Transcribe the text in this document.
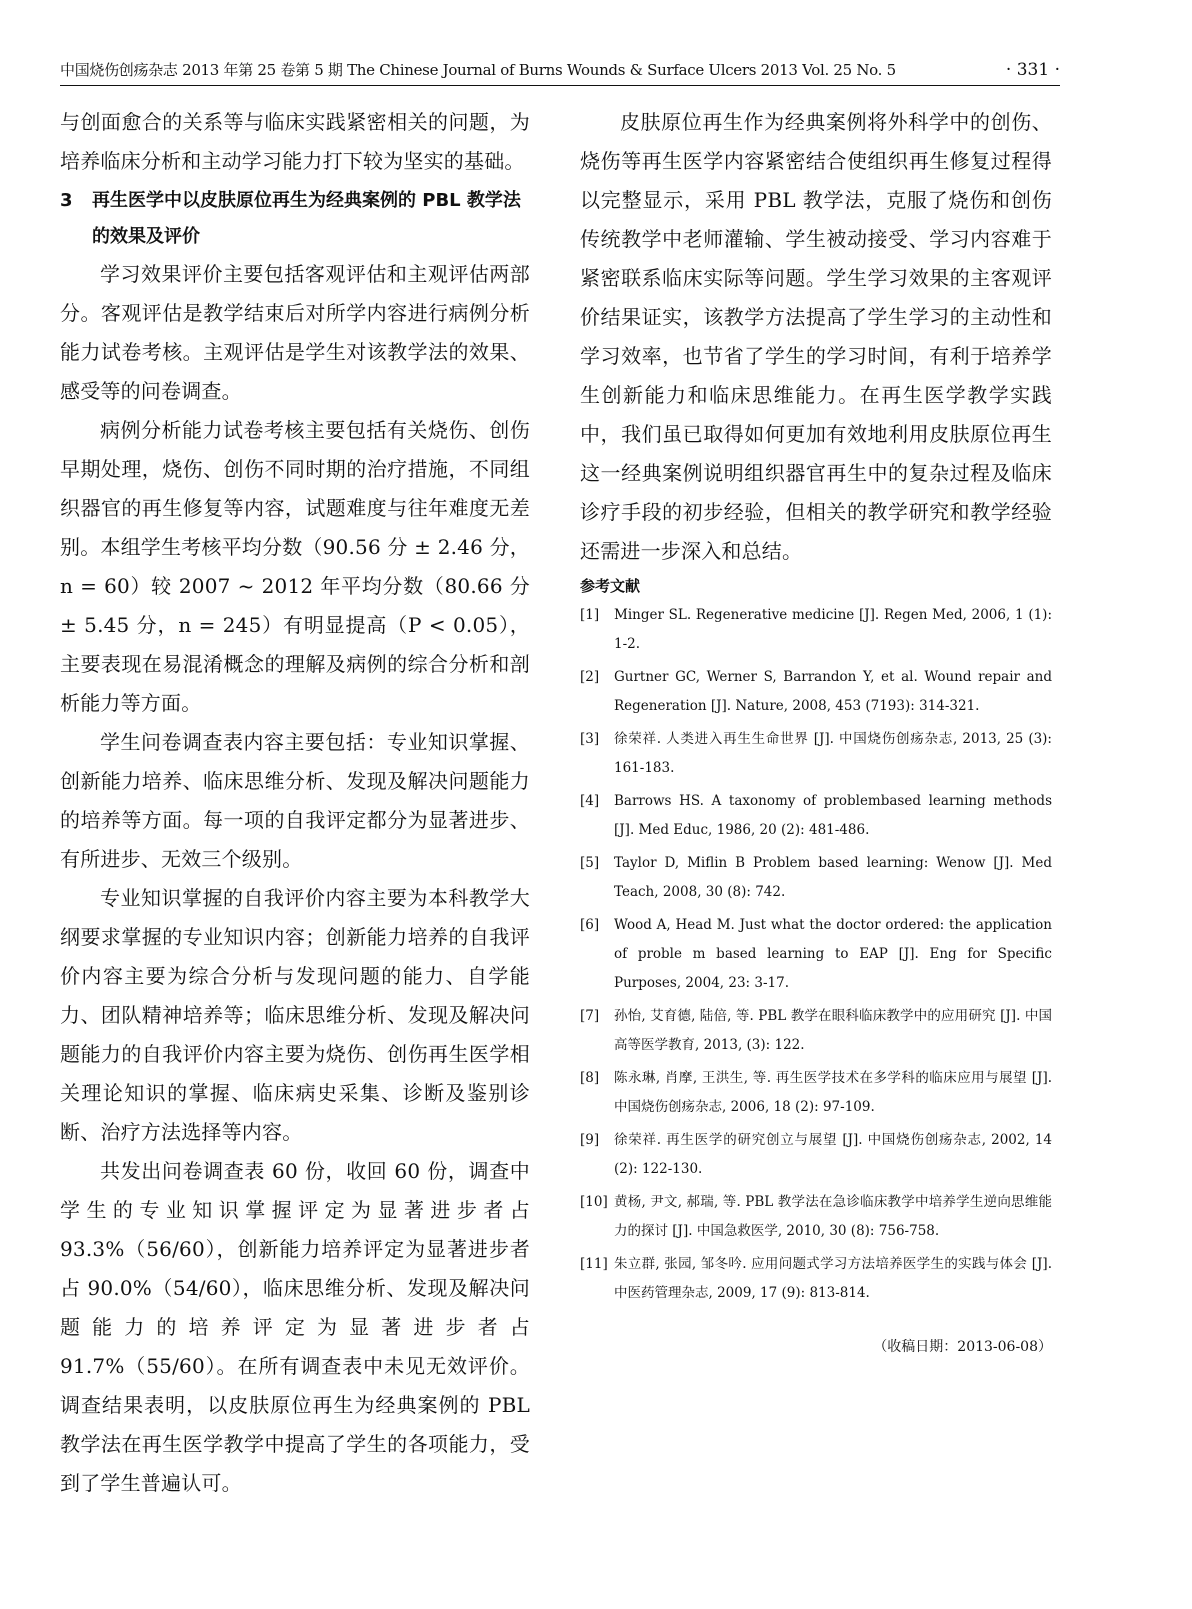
中国烧伤创疡杂志 2013 年第 25 卷第 5 期 The Chinese Journal of Burns Wounds & Surface Ulcers 2013 Vol. 25 No. 5	· 331 ·

与创面愈合的关系等与临床实践紧密相关的问题，为培养临床分析和主动学习能力打下较为坚实的基础。

3	再生医学中以皮肤原位再生为经典案例的 PBL 教学法的效果及评价

学习效果评价主要包括客观评估和主观评估两部分。客观评估是教学结束后对所学内容进行病例分析能力试卷考核。主观评估是学生对该教学法的效果、感受等的问卷调查。

病例分析能力试卷考核主要包括有关烧伤、创伤早期处理，烧伤、创伤不同时期的治疗措施，不同组织器官的再生修复等内容，试题难度与往年难度无差别。本组学生考核平均分数（90.56 分 ± 2.46 分，n = 60）较 2007 ~ 2012 年平均分数（80.66 分 ± 5.45 分，n = 245）有明显提高（P < 0.05），主要表现在易混淆概念的理解及病例的综合分析和剖析能力等方面。

学生问卷调查表内容主要包括：专业知识掌握、创新能力培养、临床思维分析、发现及解决问题能力的培养等方面。每一项的自我评定都分为显著进步、有所进步、无效三个级别。

专业知识掌握的自我评价内容主要为本科教学大纲要求掌握的专业知识内容；创新能力培养的自我评价内容主要为综合分析与发现问题的能力、自学能力、团队精神培养等；临床思维分析、发现及解决问题能力的自我评价内容主要为烧伤、创伤再生医学相关理论知识的掌握、临床病史采集、诊断及鉴别诊断、治疗方法选择等内容。

共发出问卷调查表 60 份，收回 60 份，调查中学生的专业知识掌握评定为显著进步者占 93.3%（56/60），创新能力培养评定为显著进步者占 90.0%（54/60），临床思维分析、发现及解决问题能力的培养评定为显著进步者占 91.7%（55/60）。在所有调查表中未见无效评价。调查结果表明，以皮肤原位再生为经典案例的 PBL 教学法在再生医学教学中提高了学生的各项能力，受到了学生普遍认可。

皮肤原位再生作为经典案例将外科学中的创伤、烧伤等再生医学内容紧密结合使组织再生修复过程得以完整显示，采用 PBL 教学法，克服了烧伤和创伤传统教学中老师灌输、学生被动接受、学习内容难于紧密联系临床实际等问题。学生学习效果的主客观评价结果证实，该教学方法提高了学生学习的主动性和学习效率，也节省了学生的学习时间，有利于培养学生创新能力和临床思维能力。在再生医学教学实践中，我们虽已取得如何更加有效地利用皮肤原位再生这一经典案例说明组织器官再生中的复杂过程及临床诊疗手段的初步经验，但相关的教学研究和教学经验还需进一步深入和总结。

参考文献

[1]	Minger SL. Regenerative medicine [J]. Regen Med, 2006, 1 (1): 1-2.
[2]	Gurtner GC, Werner S, Barrandon Y, et al. Wound repair and Regeneration [J]. Nature, 2008, 453 (7193): 314-321.
[3]	徐荣祥. 人类进入再生生命世界 [J]. 中国烧伤创疡杂志, 2013, 25 (3): 161-183.
[4]	Barrows HS. A taxonomy of problembased learning methods [J]. Med Educ, 1986, 20 (2): 481-486.
[5]	Taylor D, Miflin B Problem based learning: Wenow [J]. Med Teach, 2008, 30 (8): 742.
[6]	Wood A, Head M. Just what the doctor ordered: the application of proble m based learning to EAP [J]. Eng for Specific Purposes, 2004, 23: 3-17.
[7]	孙怡, 艾育德, 陆倍, 等. PBL 教学在眼科临床教学中的应用研究 [J]. 中国高等医学教育, 2013, (3): 122.
[8]	陈永琳, 肖摩, 王洪生, 等. 再生医学技术在多学科的临床应用与展望 [J]. 中国烧伤创疡杂志, 2006, 18 (2): 97-109.
[9]	徐荣祥. 再生医学的研究创立与展望 [J]. 中国烧伤创疡杂志, 2002, 14 (2): 122-130.
[10] 黄杨, 尹文, 郝瑞, 等. PBL 教学法在急诊临床教学中培养学生逆向思维能力的探讨 [J]. 中国急救医学, 2010, 30 (8): 756-758.
[11] 朱立群, 张园, 邹冬吟. 应用问题式学习方法培养医学生的实践与体会 [J]. 中医药管理杂志, 2009, 17 (9): 813-814.
（收稿日期：2013-06-08）
